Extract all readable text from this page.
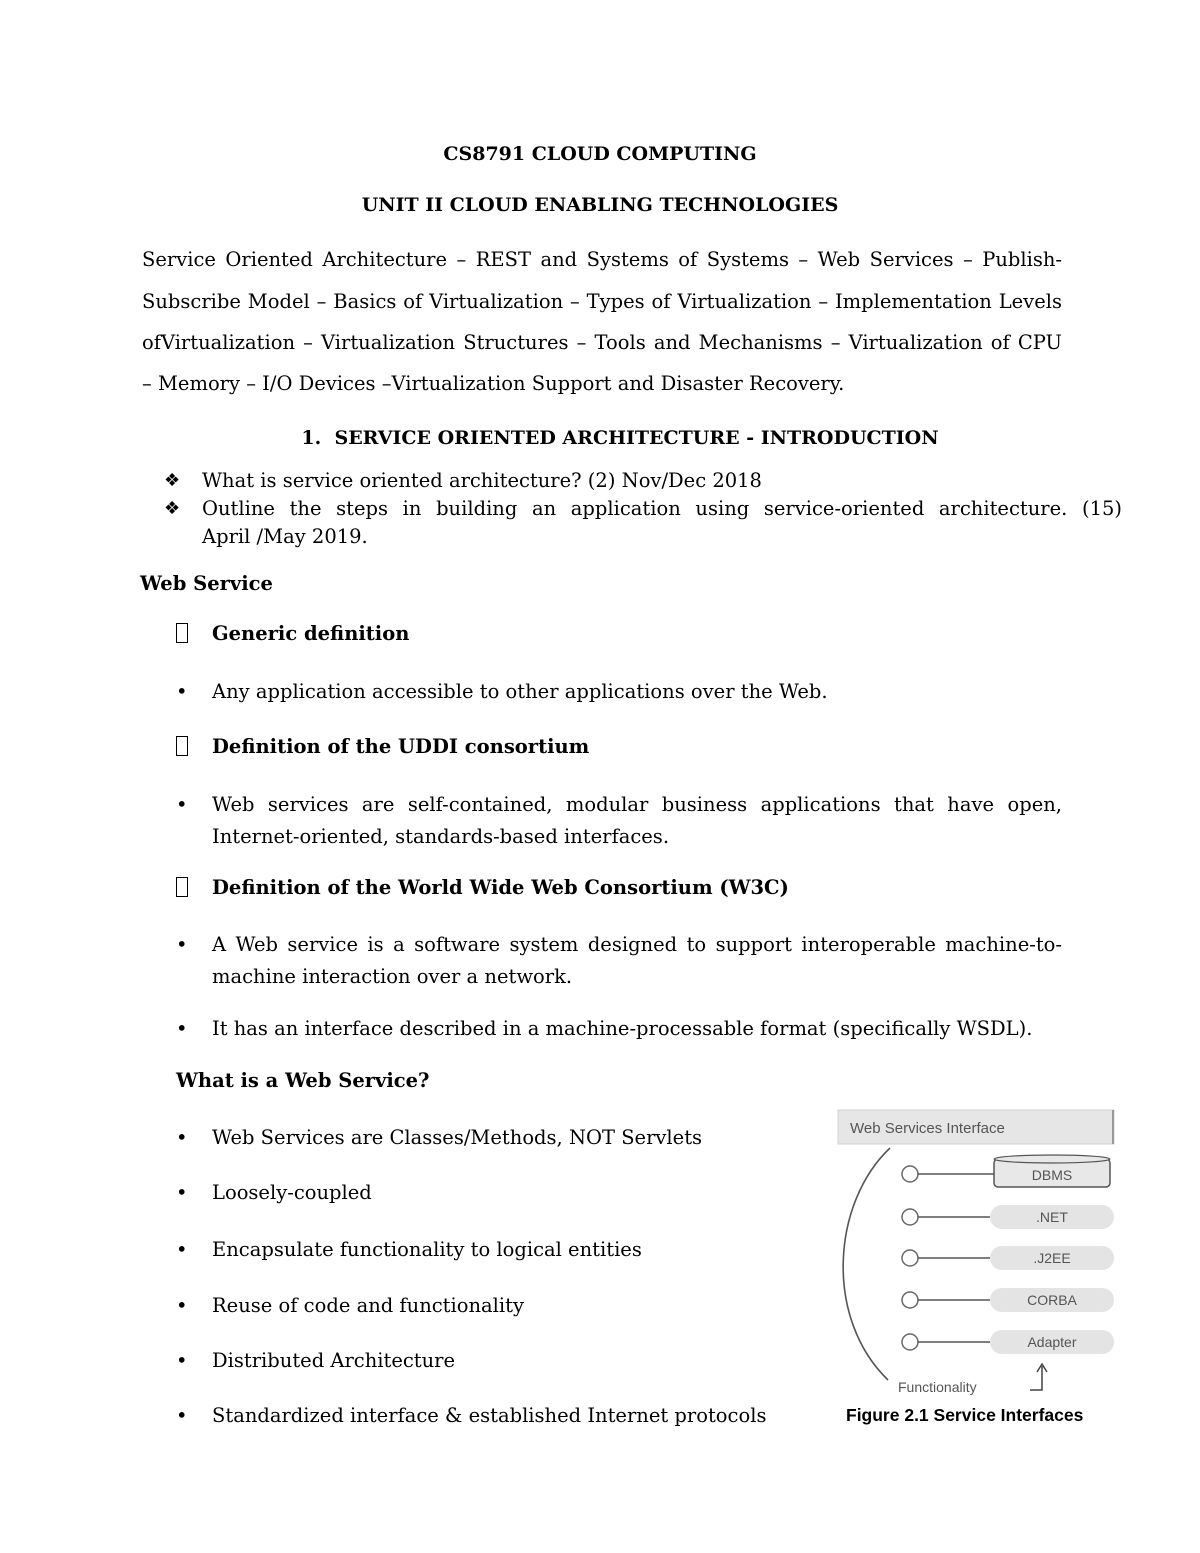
CS8791 CLOUD COMPUTING
UNIT II CLOUD ENABLING TECHNOLOGIES
Service Oriented Architecture – REST and Systems of Systems – Web Services – Publish-
Subscribe Model – Basics of Virtualization – Types of Virtualization – Implementation Levels
ofVirtualization – Virtualization Structures – Tools and Mechanisms – Virtualization of CPU
– Memory – I/O Devices –Virtualization Support and Disaster Recovery.
1. SERVICE ORIENTED ARCHITECTURE - INTRODUCTION
❖ What is service oriented architecture? (2) Nov/Dec 2018
❖ Outline the steps in building an application using service-oriented architecture. (15)
April /May 2019.
Web Service
Generic definition
• Any application accessible to other applications over the Web.
Definition of the UDDI consortium
• Web services are self-contained, modular business applications that have open,
Internet-oriented, standards-based interfaces.
Definition of the World Wide Web Consortium (W3C)
• A Web service is a software system designed to support interoperable machine-to-
machine interaction over a network.
• It has an interface described in a machine-processable format (specifically WSDL).
What is a Web Service?
• Web Services are Classes/Methods, NOT Servlets
• Loosely-coupled
• Encapsulate functionality to logical entities
• Reuse of code and functionality
• Distributed Architecture
• Standardized interface & established Internet protocols
Web Services Interface
DBMS
.NET
.J2EE
CORBA
Adapter
Functionality
Figure 2.1 Service Interfaces
